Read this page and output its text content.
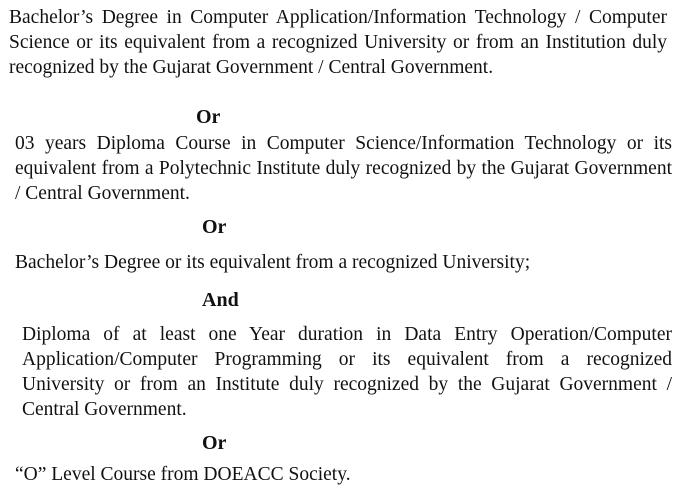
Bachelor’s Degree in Computer Application/Information Technology / Computer Science or its equivalent from a recognized University or from an Institution duly recognized by the Gujarat Government / Central Government.
Or
03 years Diploma Course in Computer Science/Information Technology or its equivalent from a Polytechnic Institute duly recognized by the Gujarat Government / Central Government.
Or
Bachelor’s Degree or its equivalent from a recognized University;
And
Diploma of at least one Year duration in Data Entry Operation/Computer Application/Computer Programming or its equivalent from a recognized University or from an Institute duly recognized by the Gujarat Government / Central Government.
Or
“O” Level Course from DOEACC Society.
